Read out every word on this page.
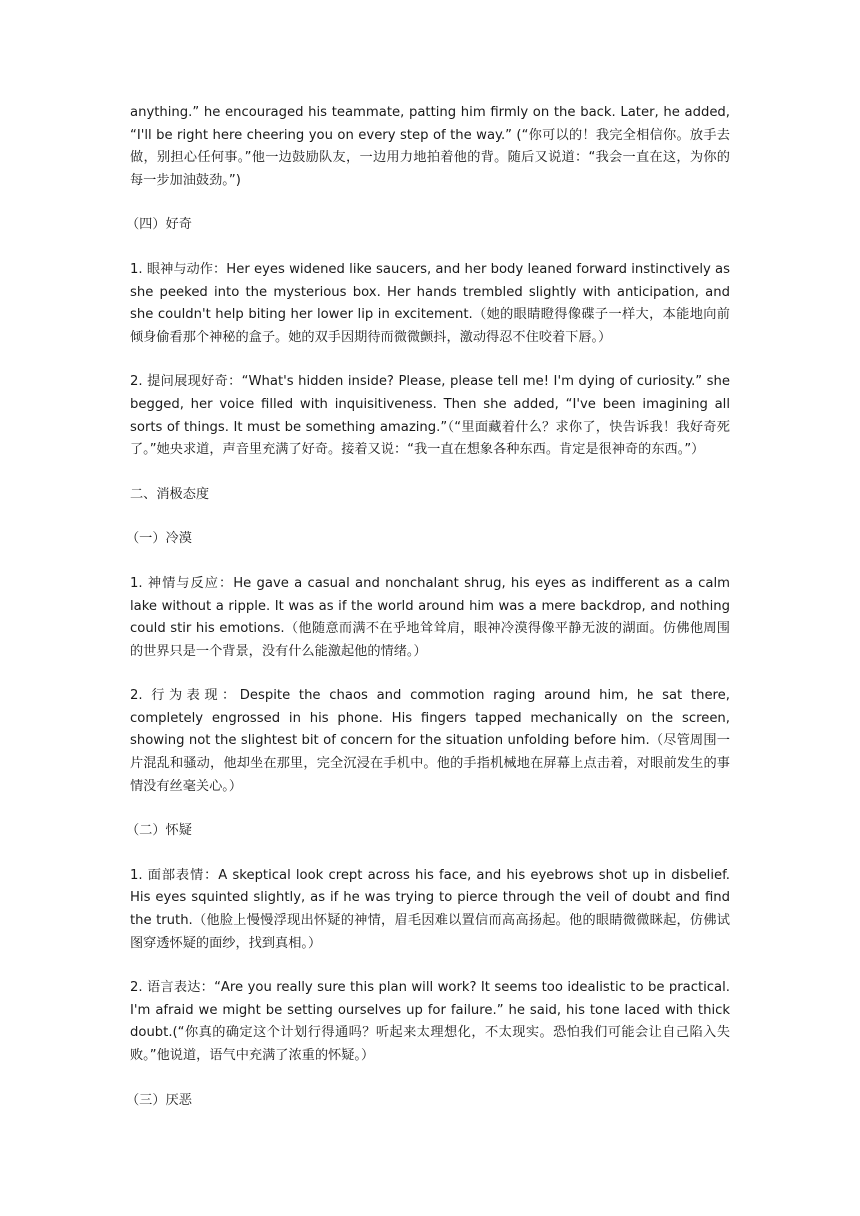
anything.” he encouraged his teammate, patting him firmly on the back. Later, he added, “I'll be right here cheering you on every step of the way.” (“你可以的！我完全相信你。放手去做，别担心任何事。”他一边鼓励队友，一边用力地拍着他的背。随后又说道：“我会一直在这，为你的每一步加油鼓劲。”)

（四）好奇

1. 眼神与动作：Her eyes widened like saucers, and her body leaned forward instinctively as she peeked into the mysterious box. Her hands trembled slightly with anticipation, and she couldn't help biting her lower lip in excitement.（她的眼睛瞪得像碟子一样大，本能地向前倾身偷看那个神秘的盒子。她的双手因期待而微微颤抖，激动得忍不住咬着下唇。）

2. 提问展现好奇：“What's hidden inside? Please, please tell me! I'm dying of curiosity.” she begged, her voice filled with inquisitiveness. Then she added, “I've been imagining all sorts of things. It must be something amazing.”（“里面藏着什么？求你了，快告诉我！我好奇死了。”她央求道，声音里充满了好奇。接着又说：“我一直在想象各种东西。肯定是很神奇的东西。”）

二、消极态度

（一）冷漠

1. 神情与反应：He gave a casual and nonchalant shrug, his eyes as indifferent as a calm lake without a ripple. It was as if the world around him was a mere backdrop, and nothing could stir his emotions.（他随意而满不在乎地耸耸肩，眼神冷漠得像平静无波的湖面。仿佛他周围的世界只是一个背景，没有什么能激起他的情绪。）

2. 行为表现：Despite the chaos and commotion raging around him, he sat there, completely engrossed in his phone. His fingers tapped mechanically on the screen, showing not the slightest bit of concern for the situation unfolding before him.（尽管周围一片混乱和骚动，他却坐在那里，完全沉浸在手机中。他的手指机械地在屏幕上点击着，对眼前发生的事情没有丝毫关心。）

（二）怀疑

1. 面部表情：A skeptical look crept across his face, and his eyebrows shot up in disbelief. His eyes squinted slightly, as if he was trying to pierce through the veil of doubt and find the truth.（他脸上慢慢浮现出怀疑的神情，眉毛因难以置信而高高扬起。他的眼睛微微眯起，仿佛试图穿透怀疑的面纱，找到真相。）

2. 语言表达：“Are you really sure this plan will work? It seems too idealistic to be practical. I'm afraid we might be setting ourselves up for failure.” he said, his tone laced with thick doubt.(“你真的确定这个计划行得通吗？听起来太理想化，不太现实。恐怕我们可能会让自己陷入失败。”他说道，语气中充满了浓重的怀疑。）

（三）厌恶
